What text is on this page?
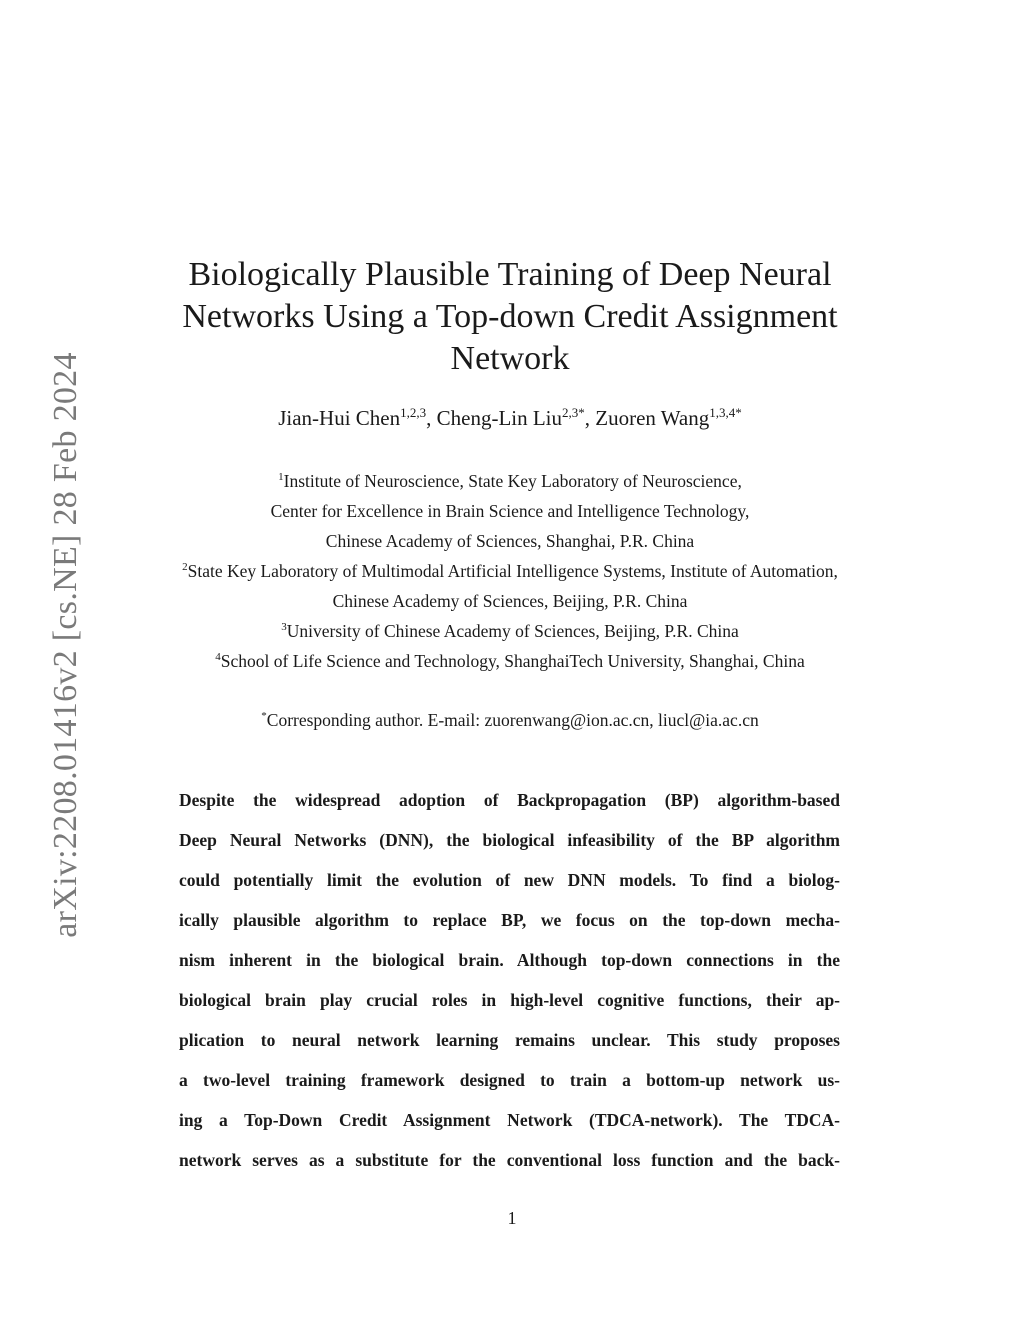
arXiv:2208.01416v2 [cs.NE] 28 Feb 2024
Biologically Plausible Training of Deep Neural
Networks Using a Top-down Credit Assignment
Network
Jian-Hui Chen$^{1,2,3}$, Cheng-Lin Liu$^{2,3*}$, Zuoren Wang$^{1,3,4*}$
$^1$Institute of Neuroscience, State Key Laboratory of Neuroscience,
Center for Excellence in Brain Science and Intelligence Technology,
Chinese Academy of Sciences, Shanghai, P.R. China
$^2$State Key Laboratory of Multimodal Artificial Intelligence Systems, Institute of Automation,
Chinese Academy of Sciences, Beijing, P.R. China
$^3$University of Chinese Academy of Sciences, Beijing, P.R. China
$^4$School of Life Science and Technology, ShanghaiTech University, Shanghai, China
*Corresponding author. E-mail: zuorenwang@ion.ac.cn, liucl@ia.ac.cn
Despite the widespread adoption of Backpropagation (BP) algorithm-based
Deep Neural Networks (DNN), the biological infeasibility of the BP algorithm
could potentially limit the evolution of new DNN models. To find a biolog-
ically plausible algorithm to replace BP, we focus on the top-down mecha-
nism inherent in the biological brain. Although top-down connections in the
biological brain play crucial roles in high-level cognitive functions, their ap-
plication to neural network learning remains unclear. This study proposes
a two-level training framework designed to train a bottom-up network us-
ing a Top-Down Credit Assignment Network (TDCA-network). The TDCA-
network serves as a substitute for the conventional loss function and the back-
1
